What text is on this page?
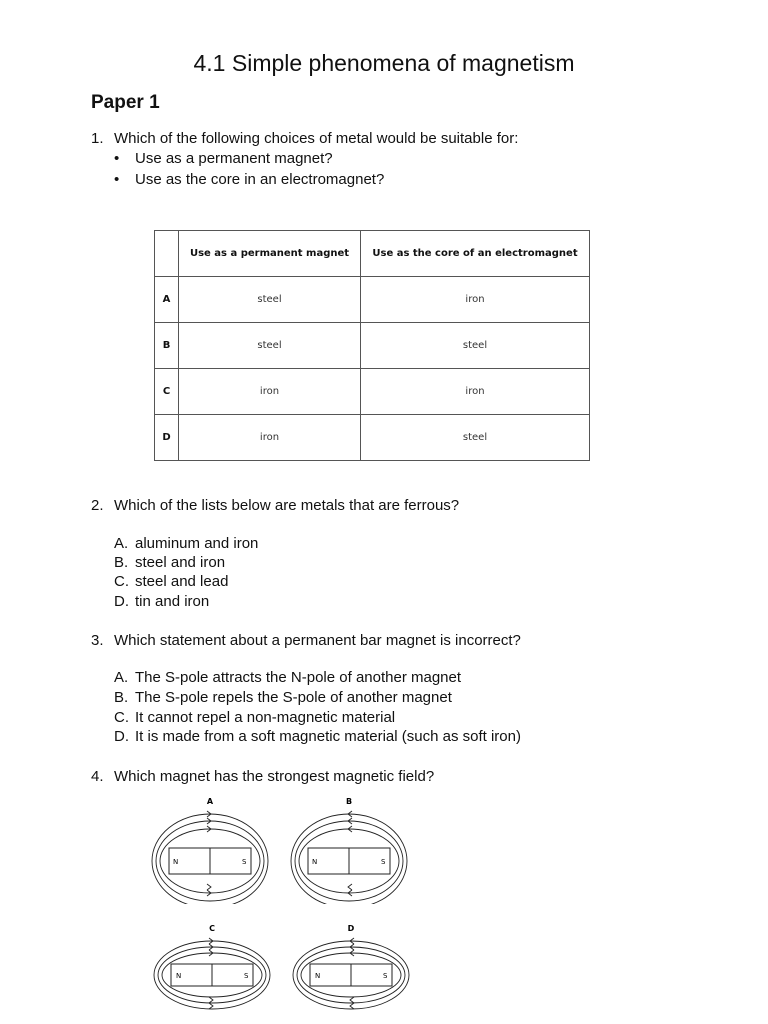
4.1 Simple phenomena of magnetism
Paper 1
1. Which of the following choices of metal would be suitable for:
• Use as a permanent magnet?
• Use as the core in an electromagnet?
	Use as a permanent magnet	Use as the core of an electromagnet
A	steel	iron
B	steel	steel
C	iron	iron
D	iron	steel
2. Which of the lists below are metals that are ferrous?
A. aluminum and iron
B. steel and iron
C. steel and lead
D. tin and iron
3. Which statement about a permanent bar magnet is incorrect?
A. The S-pole attracts the N-pole of another magnet
B. The S-pole repels the S-pole of another magnet
C. It cannot repel a non-magnetic material
D. It is made from a soft magnetic material (such as soft iron)
4. Which magnet has the strongest magnetic field?
A
N	S
B
N	S
C
N	S
D
N	S
